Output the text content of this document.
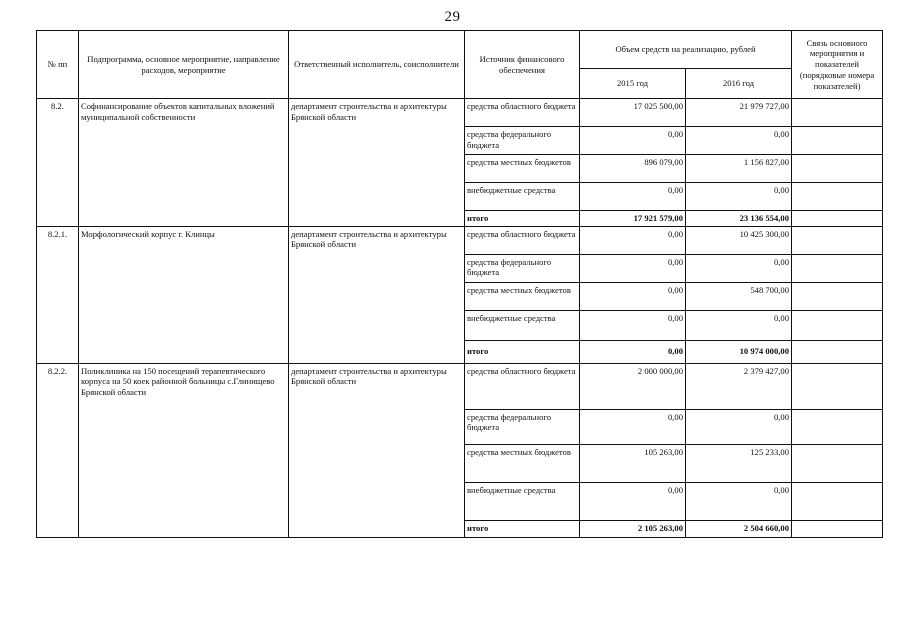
29
№ пп	Подпрограмма, основное мероприятие, направление расходов, мероприятие	Ответственный исполнитель, соисполнители	Источник финансового обеспечения	Объем средств на реализацию, рублей		Связь основного мероприятия и показателей (порядковые номера показателей)
				2015 год	2016 год	
8.2.	Софинансирование объектов капитальных вложений муниципальной собственности	департамент строительства и архитектуры Брянской области	средства областного бюджета	17 025 500,00	21 979 727,00	
			средства федерального бюджета	0,00	0,00	
			средства местных бюджетов	896 079,00	1 156 827,00	
			внебюджетные средства	0,00	0,00	
			итого	17 921 579,00	23 136 554,00	
8.2.1.	Морфологический корпус г. Клинцы	департамент строительства и архитектуры Брянской области	средства областного бюджета	0,00	10 425 300,00	
			средства федерального бюджета	0,00	0,00	
			средства местных бюджетов	0,00	548 700,00	
			внебюджетные средства	0,00	0,00	
			итого	0,00	10 974 000,00	
8.2.2.	Поликлиника на 150 посещений терапевтического корпуса на 50 коек районной больницы с.Глинищево Брянской области	департамент строительства и архитектуры Брянской области	средства областного бюджета	2 000 000,00	2 379 427,00	
			средства федерального бюджета	0,00	0,00	
			средства местных бюджетов	105 263,00	125 233,00	
			внебюджетные средства	0,00	0,00	
			итого	2 105 263,00	2 504 660,00	
